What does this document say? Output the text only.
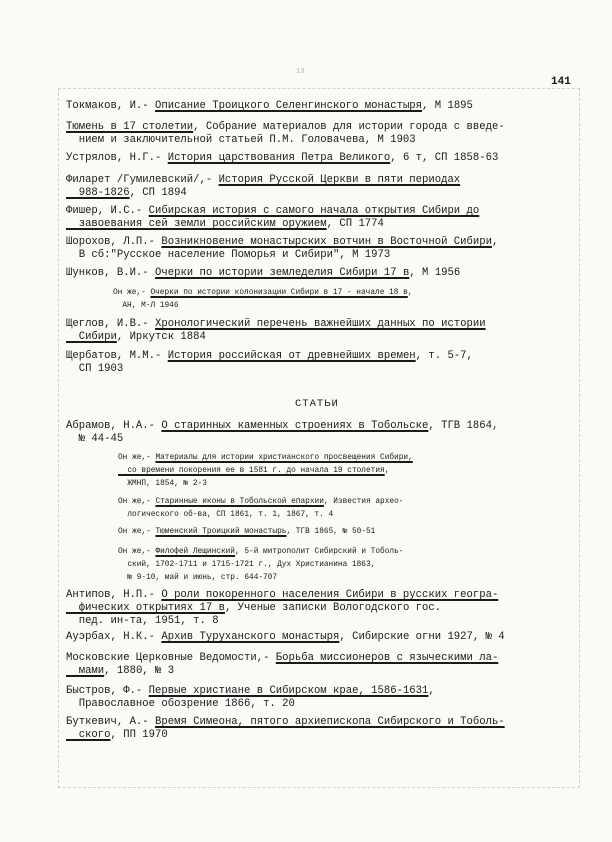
13
141
Токмаков, И.- Описание Троицкого Селенгинского монастыря, М 1895
Тюмень в 17 столетии, Собрание материалов для истории города с введе-
нием и заключительной статьей П.М. Головачева, М 1903
Устрялов, Н.Г.- История царствования Петра Великого, 6 т, СП 1858-63
Филарет /Гумилевский/,- История Русской Церкви в пяти периодах
988-1826, СП 1894
Фишер, И.С.- Сибирская история с самого начала открытия Сибири до
завоевания сей земли российским оружием, СП 1774
Шорохов, Л.П.- Возникновение монастырских вотчин в Восточной Сибири,
В сб:"Русское население Поморья и Сибири", М 1973
Шунков, В.И.- Очерки по истории земледелия Сибири 17 в, М 1956
Он же,- Очерки по истории колонизации Сибири в 17 - начале 18 в,
АН, М-Л 1946
Щеглов, И.В.- Хронологический перечень важнейших данных по истории
Сибири, Иркутск 1884
Щербатов, М.М.- История российская от древнейших времен, т. 5-7,
СП 1903
СТАТЬИ
Абрамов, Н.А.- О старинных каменных строениях в Тобольске, ТГВ 1864,
№ 44-45
Он же,- Материалы для истории христианского просвещения Сибири,
со времени покорения ее в 1581 г. до начала 19 столетия,
ЖМНП, 1854, № 2-3
Он же,- Старинные иконы в Тобольской епархии, Известия архео-
логического об-ва, СП 1861, т. 1, 1867, т. 4
Он же,- Тюменский Троицкий монастырь, ТГВ 1865, № 50-51
Он же,- Филофей Лещинский, 5-й митрополит Сибирский и Тоболь-
ский, 1702-1711 и 1715-1721 г., Дух Христианина 1863,
№ 9-10, май и июнь, стр. 644-707
Антипов, Н.П.- О роли покоренного населения Сибири в русских геогра-
фических открытиях 17 в, Ученые записки Вологодского гос.
пед. ин-та, 1951, т. 8
Ауэрбах, Н.К.- Архив Туруханского монастыря, Сибирские огни 1927, № 4
Московские Церковные Ведомости,- Борьба миссионеров с языческими ла-
мами, 1880, № 3
Быстров, Ф.- Первые христиане в Сибирском крае, 1586-1631,
Православное обозрение 1866, т. 20
Буткевич, А.- Время Симеона, пятого архиепископа Сибирского и Тоболь-
ского, ПП 1970
